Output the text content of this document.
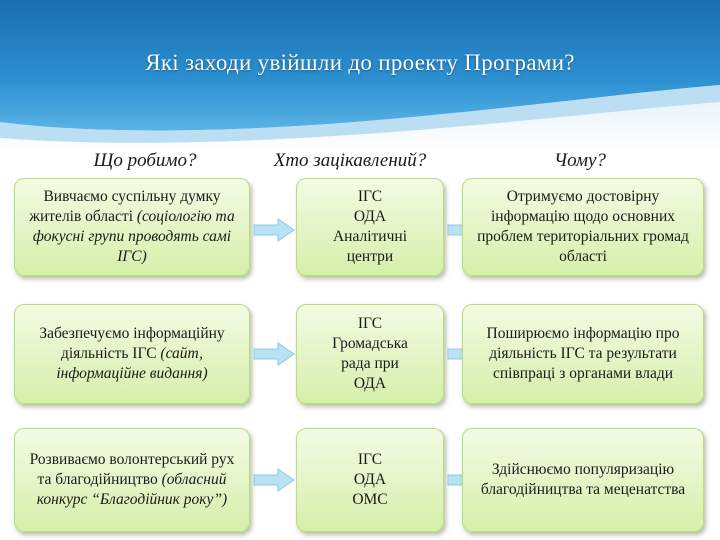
Які заходи увійшли до проекту Програми?
Що робимо?	Хто зацікавлений?	Чому?
Вивчаємо суспільну думку жителів області (соціологію та фокусні групи проводять самі ІГС)
ІГС
ОДА
Аналітичні
центри
Отримуємо достовірну інформацію щодо основних проблем територіальних громад області
Забезпечуємо інформаційну діяльність ІГС (сайт, інформаційне видання)
ІГС
Громадська
рада при
ОДА
Поширюємо інформацію про діяльність ІГС та результати співпраці з органами влади
Розвиваємо волонтерський рух та благодійництво (обласний конкурс “Благодійник року”)
ІГС
ОДА
ОМС
Здійснюємо популяризацію благодійництва та меценатства
